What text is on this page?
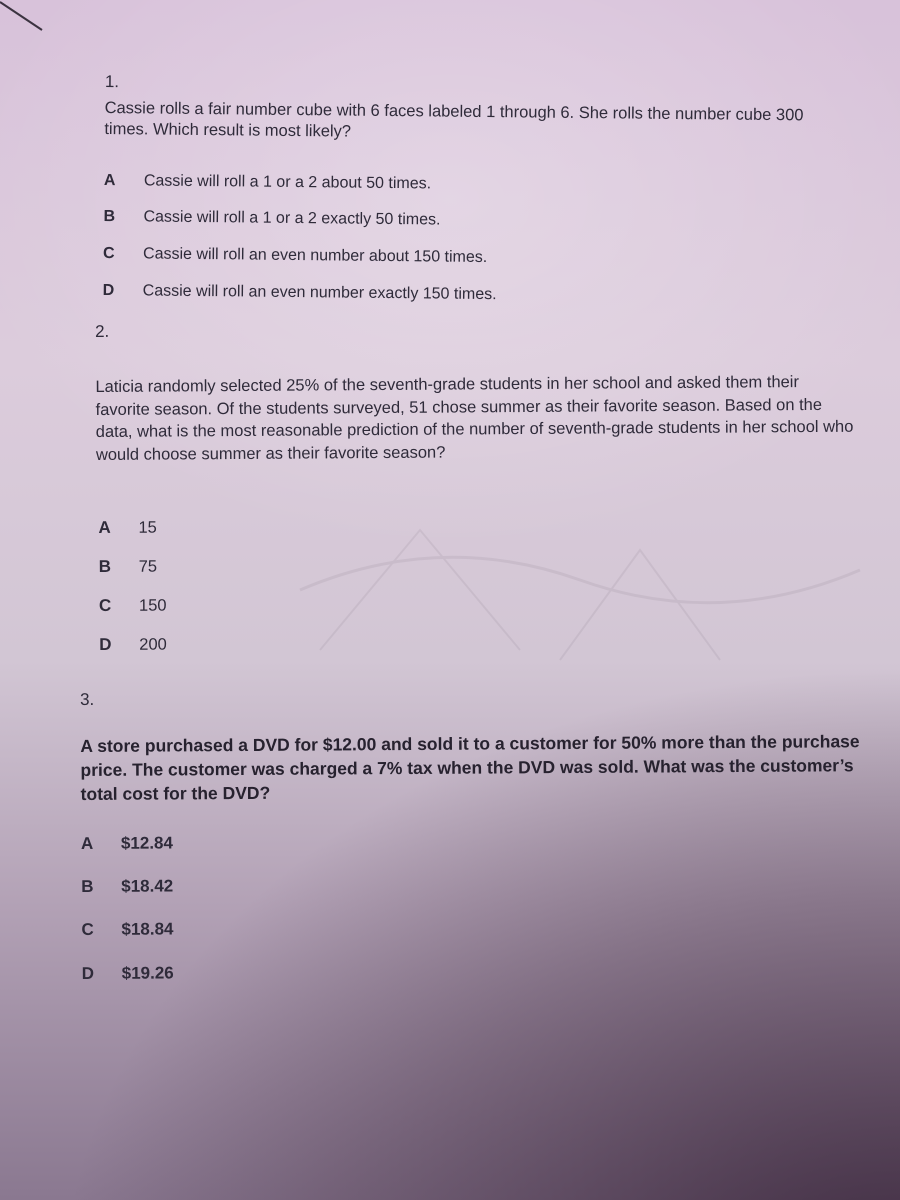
1.
Cassie rolls a fair number cube with 6 faces labeled 1 through 6. She rolls the number cube 300 times. Which result is most likely?
A Cassie will roll a 1 or a 2 about 50 times.
B Cassie will roll a 1 or a 2 exactly 50 times.
C Cassie will roll an even number about 150 times.
D Cassie will roll an even number exactly 150 times.
2.
Laticia randomly selected 25% of the seventh-grade students in her school and asked them their favorite season. Of the students surveyed, 51 chose summer as their favorite season. Based on the data, what is the most reasonable prediction of the number of seventh-grade students in her school who would choose summer as their favorite season?
A 15
B 75
C 150
D 200
3.
A store purchased a DVD for $12.00 and sold it to a customer for 50% more than the purchase price. The customer was charged a 7% tax when the DVD was sold. What was the customer’s total cost for the DVD?
A $12.84
B $18.42
C $18.84
D $19.26
